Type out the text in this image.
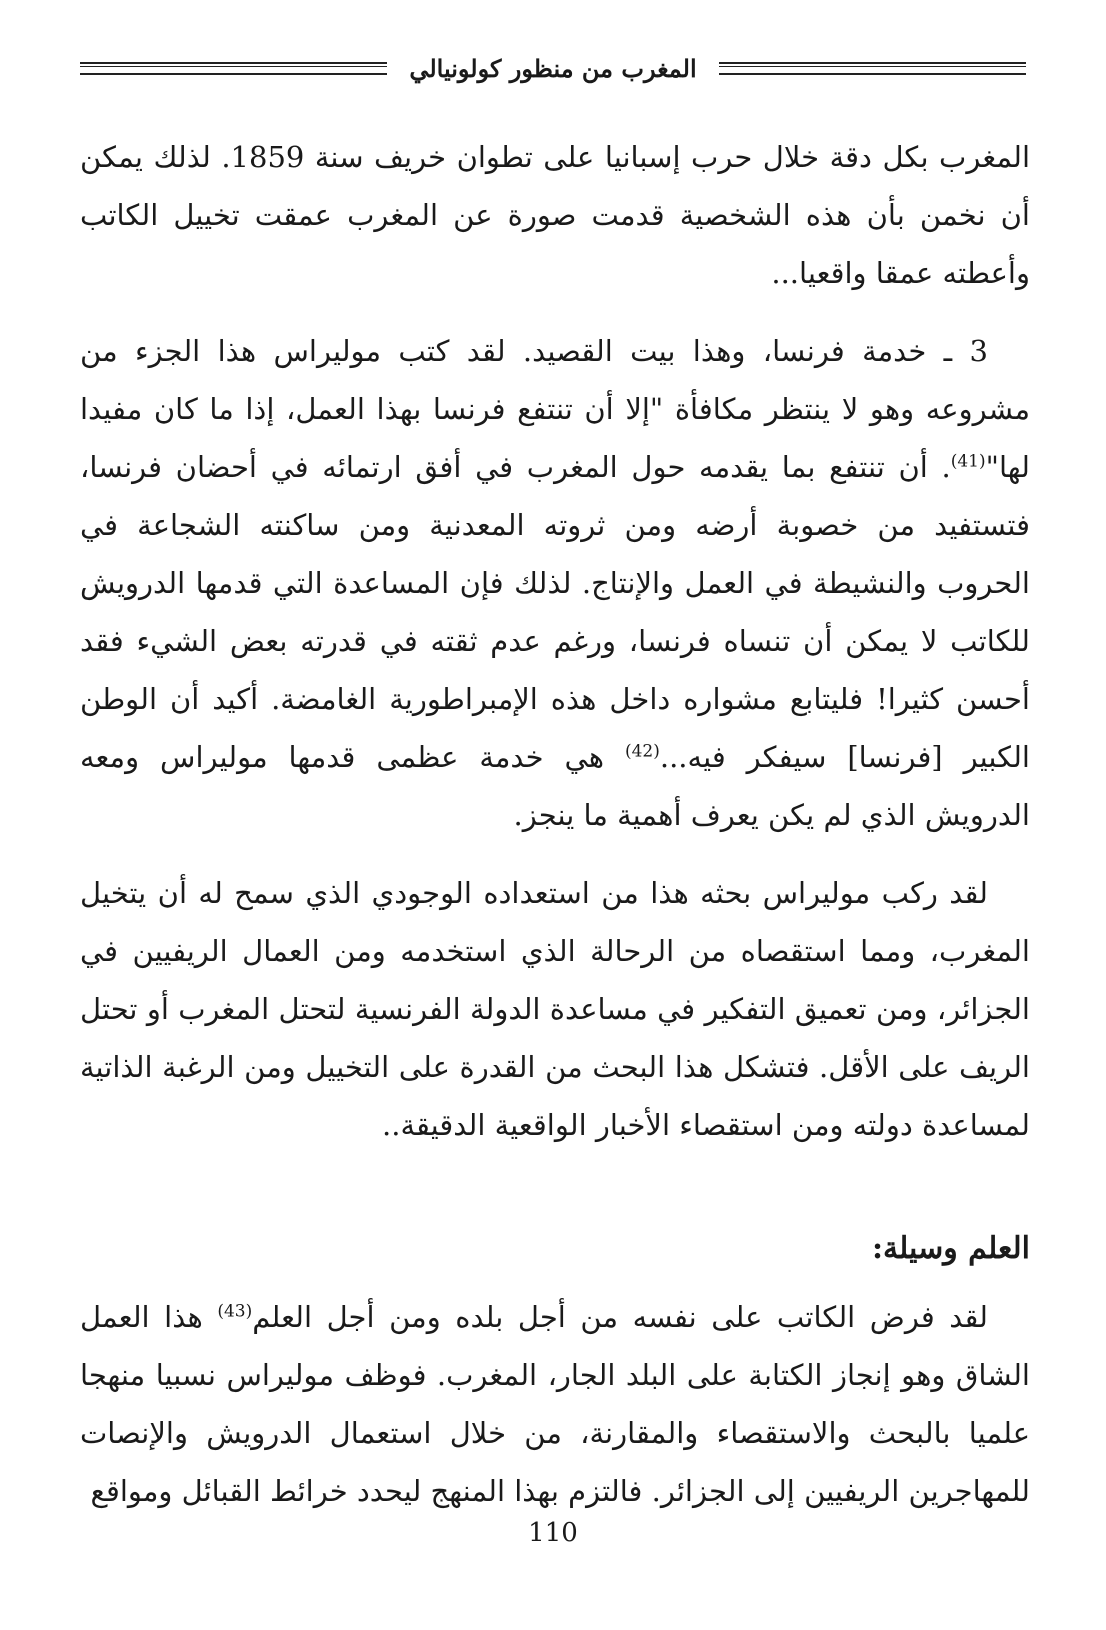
المغرب من منظور كولونيالي

المغرب بكل دقة خلال حرب إسبانيا على تطوان خريف سنة 1859. لذلك يمكن أن نخمن بأن هذه الشخصية قدمت صورة عن المغرب عمقت تخييل الكاتب وأعطته عمقا واقعيا...

3 ـ خدمة فرنسا، وهذا بيت القصيد. لقد كتب موليراس هذا الجزء من مشروعه وهو لا ينتظر مكافأة "إلا أن تنتفع فرنسا بهذا العمل، إذا ما كان مفيدا لها"$^{(41)}$. أن تنتفع بما يقدمه حول المغرب في أفق ارتمائه في أحضان فرنسا، فتستفيد من خصوبة أرضه ومن ثروته المعدنية ومن ساكنته الشجاعة في الحروب والنشيطة في العمل والإنتاج. لذلك فإن المساعدة التي قدمها الدرويش للكاتب لا يمكن أن تنساه فرنسا، ورغم عدم ثقته في قدرته بعض الشيء فقد أحسن كثيرا! فليتابع مشواره داخل هذه الإمبراطورية الغامضة. أكيد أن الوطن الكبير [فرنسا] سيفكر فيه...$^{(42)}$ هي خدمة عظمى قدمها موليراس ومعه الدرويش الذي لم يكن يعرف أهمية ما ينجز.

لقد ركب موليراس بحثه هذا من استعداده الوجودي الذي سمح له أن يتخيل المغرب، ومما استقصاه من الرحالة الذي استخدمه ومن العمال الريفيين في الجزائر، ومن تعميق التفكير في مساعدة الدولة الفرنسية لتحتل المغرب أو تحتل الريف على الأقل. فتشكل هذا البحث من القدرة على التخييل ومن الرغبة الذاتية لمساعدة دولته ومن استقصاء الأخبار الواقعية الدقيقة..

العلم وسيلة:

لقد فرض الكاتب على نفسه من أجل بلده ومن أجل العلم$^{(43)}$ هذا العمل الشاق وهو إنجاز الكتابة على البلد الجار، المغرب. فوظف موليراس نسبيا منهجا علميا بالبحث والاستقصاء والمقارنة، من خلال استعمال الدرويش والإنصات للمهاجرين الريفيين إلى الجزائر. فالتزم بهذا المنهج ليحدد خرائط القبائل ومواقع

110
